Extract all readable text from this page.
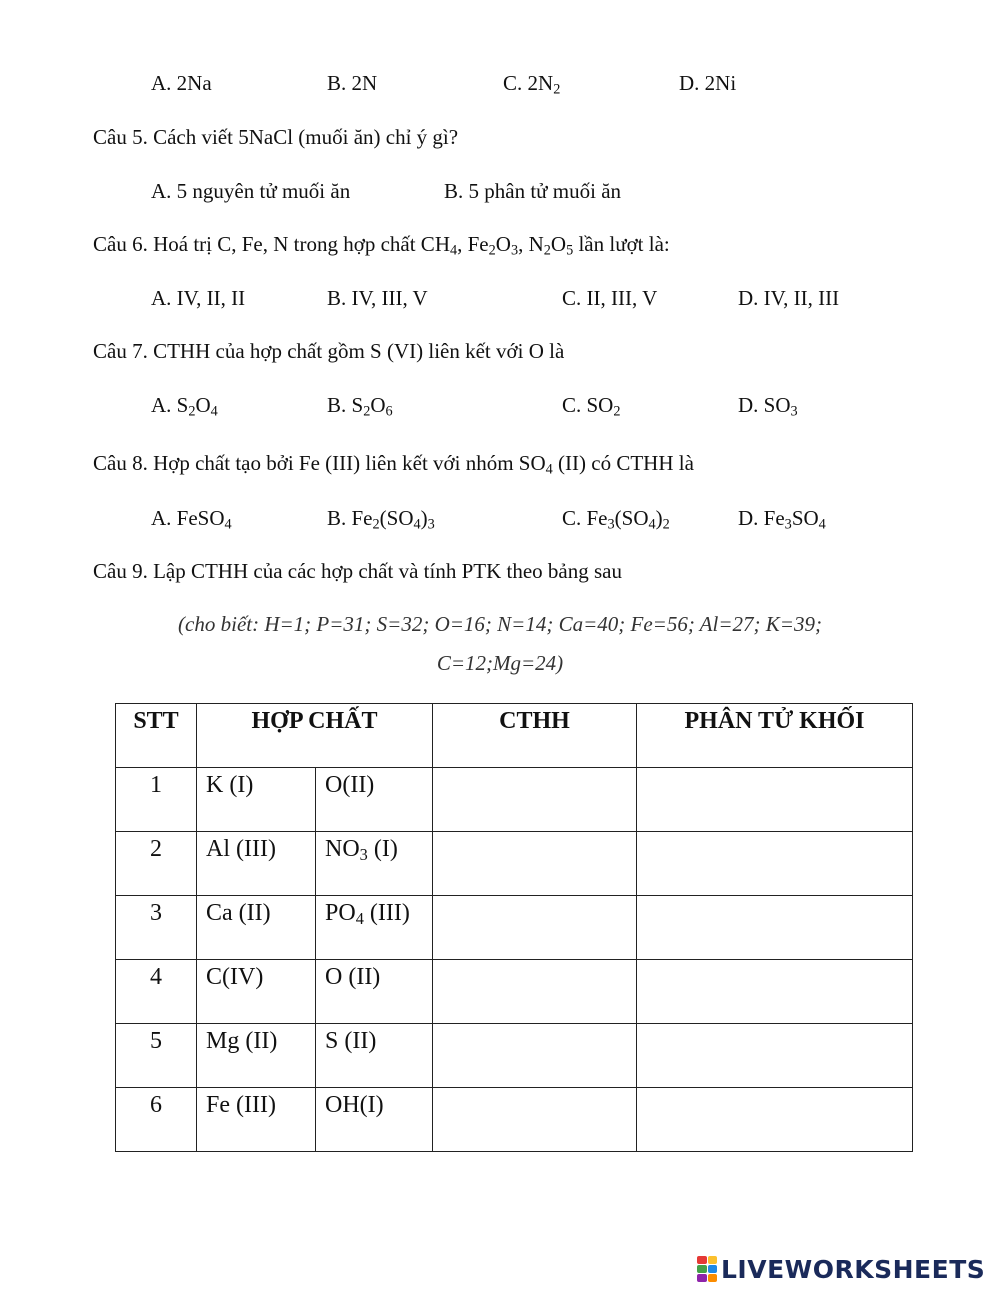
A. 2Na	B. 2N	C. $2N_2$	D. 2Ni
Câu 5. Cách viết 5NaCl (muối ăn) chỉ ý gì?
A. 5 nguyên tử muối ăn	B. 5 phân tử muối ăn
Câu 6. Hoá trị C, Fe, N trong hợp chất $CH_4$, $Fe_2O_3$, $N_2O_5$ lần lượt là:
A. IV, II, II	B. IV, III, V	C. II, III, V	D. IV, II, III
Câu 7. CTHH của hợp chất gồm S (VI) liên kết với O là
A. $S_2O_4$	B. $S_2O_6$	C. $SO_2$	D. $SO_3$
Câu 8. Hợp chất tạo bởi Fe (III) liên kết với nhóm $SO_4$ (II) có CTHH là
A. FeSO$_4$	B. $Fe_2(SO_4)_3$	C. $Fe_3(SO_4)_2$	D. $Fe_3SO_4$
Câu 9. Lập CTHH của các hợp chất và tính PTK theo bảng sau
(cho biết: H=1; P=31; S=32; O=16; N=14; Ca=40; Fe=56; Al=27; K=39;
C=12;Mg=24)
STT	HỢP CHẤT		CTHH	PHÂN TỬ KHỐI
1	K (I)	O(II)		
2	Al (III)	$NO_3$ (I)		
3	Ca (II)	$PO_4$ (III)		
4	C(IV)	O (II)		
5	Mg (II)	S (II)		
6	Fe (III)	OH(I)		
LIVEWORKSHEETS
